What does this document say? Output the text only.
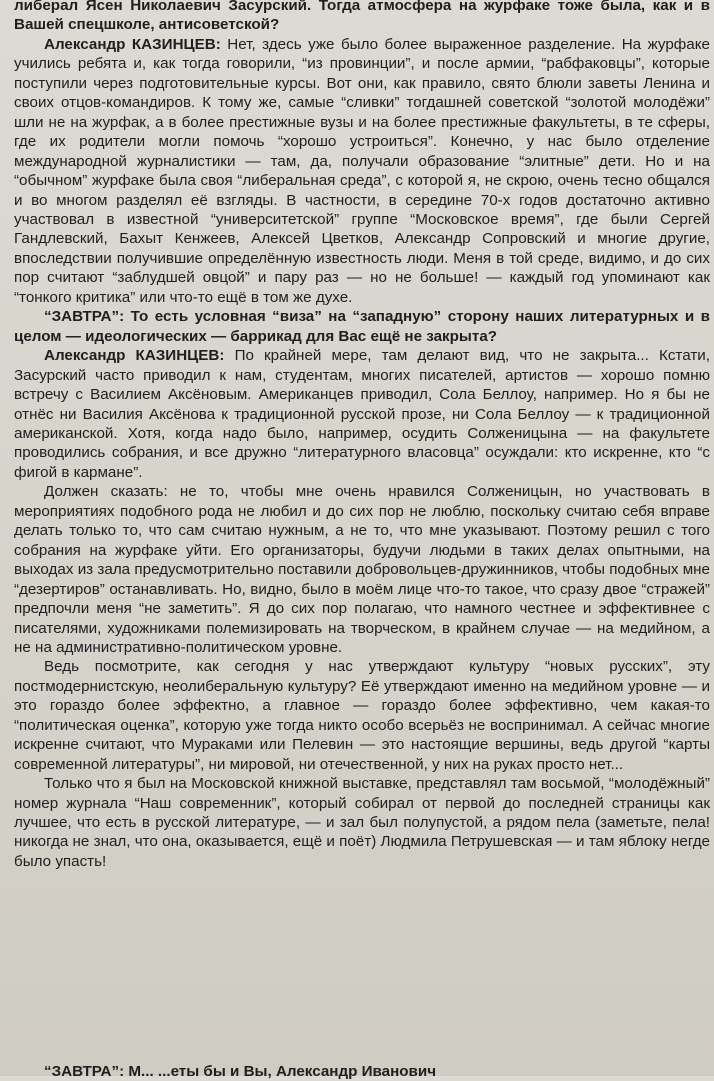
либерал Ясен Николаевич Засурский. Тогда атмосфера на журфаке тоже была, как и в Вашей спецшколе, антисоветской?

Александр КАЗИНЦЕВ: Нет, здесь уже было более выраженное разделение. На журфаке учились ребята и, как тогда говорили, “из провинции”, и после армии, “рабфаковцы”, которые поступили через подготовительные курсы. Вот они, как правило, свято блюли заветы Ленина и своих отцов-командиров. К тому же, самые “сливки” тогдашней советской “золотой молодёжи” шли не на журфак, а в более престижные вузы и на более престижные факультеты, в те сферы, где их родители могли помочь “хорошо устроиться”. Конечно, у нас было отделение международной журналистики — там, да, получали образование “элитные” дети. Но и на “обычном” журфаке была своя “либеральная среда”, с которой я, не скрою, очень тесно общался и во многом разделял её взгляды. В частности, в середине 70-х годов достаточно активно участвовал в известной “университетской” группе “Московское время”, где были Сергей Гандлевский, Бахыт Кенжеев, Алексей Цветков, Александр Сопровский и многие другие, впоследствии получившие определённую известность люди. Меня в той среде, видимо, и до сих пор считают “заблудшей овцой” и пару раз — но не больше! — каждый год упоминают как “тонкого критика” или что-то ещё в том же духе.

“ЗАВТРА”: То есть условная “виза” на “западную” сторону наших литературных и в целом — идеологических — баррикад для Вас ещё не закрыта?

Александр КАЗИНЦЕВ: По крайней мере, там делают вид, что не закрыта... Кстати, Засурский часто приводил к нам, студентам, многих писателей, артистов — хорошо помню встречу с Василием Аксёновым. Американцев приводил, Сола Беллоу, например. Но я бы не отнёс ни Василия Аксёнова к традиционной русской прозе, ни Сола Беллоу — к традиционной американской. Хотя, когда надо было, например, осудить Солженицына — на факультете проводились собрания, и все дружно “литературного власовца” осуждали: кто искренне, кто “с фигой в кармане”.

Должен сказать: не то, чтобы мне очень нравился Солженицын, но участвовать в мероприятиях подобного рода не любил и до сих пор не люблю, поскольку считаю себя вправе делать только то, что сам считаю нужным, а не то, что мне указывают. Поэтому решил с того собрания на журфаке уйти. Его организаторы, будучи людьми в таких делах опытными, на выходах из зала предусмотрительно поставили добровольцев-дружинников, чтобы подобных мне “дезертиров” останавливать. Но, видно, было в моём лице что-то такое, что сразу двое “стражей” предпочли меня “не заметить”. Я до сих пор полагаю, что намного честнее и эффективнее с писателями, художниками полемизировать на творческом, в крайнем случае — на медийном, а не на административно-политическом уровне.

Ведь посмотрите, как сегодня у нас утверждают культуру “новых русских”, эту постмодернистскую, неолиберальную культуру? Её утверждают именно на медийном уровне — и это гораздо более эффектно, а главное — гораздо более эффективно, чем какая-то “политическая оценка”, которую уже тогда никто особо всерьёз не воспринимал. А сейчас многие искренне считают, что Мураками или Пелевин — это настоящие вершины, ведь другой “карты современной литературы”, ни мировой, ни отечественной, у них на руках просто нет...

Только что я был на Московской книжной выставке, представлял там восьмой, “молодёжный” номер журнала “Наш современник”, который собирал от первой до последней страницы как лучшее, что есть в русской литературе, — и зал был полупустой, а рядом пела (заметьте, пела! никогда не знал, что она, оказывается, ещё и поёт) Людмила Петрушевская — и там яблоку негде было упасть!

“ЗАВТРА”: М... ...еты бы и Вы, Александр Иванович
